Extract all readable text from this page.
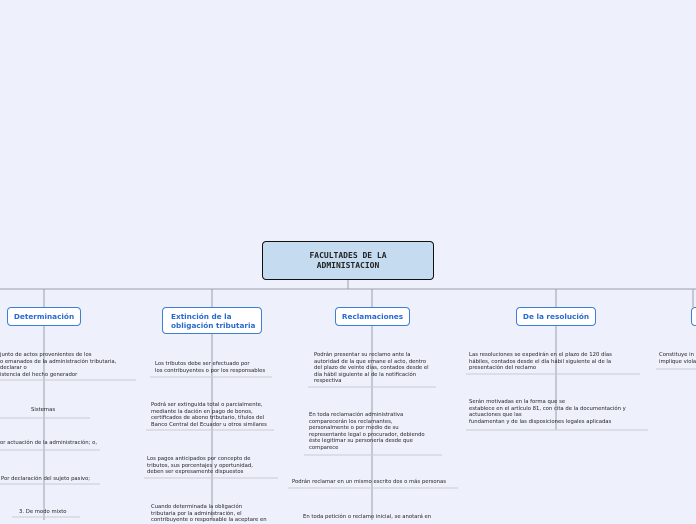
FACULTADES DE LA
ADMINISTACION
Determinación	Extinción de la
obligación tributaria
Reclamaciones	De la resolución
junto de actos provenientes de los
o emanados de la administración tributaria,
declarar o
istencia del hecho generador
Sistemas
or actuación de la administración; o,
Por declaración del sujeto pasivo;
3. De modo mixto
Los tributos debe ser efectuado por
los contribuyentes o por los responsables
Podrá ser extinguida total o parcialmente,
mediante la dación en pago de bonos,
certificados de abono tributario, títulos del
Banco Central del Ecuador u otros similares
Los pagos anticipados por concepto de
tributos, sus porcentajes y oportunidad,
deben ser expresamente dispuestos
Cuando determinada la obligación
tributaria por la administración, el
contribuyente o responsable la aceptare en
Podrán presentar su reclamo ante la
autoridad de la que emane el acto, dentro
del plazo de veinte días, contados desde el
día hábil siguiente al de la notificación
respectiva
En toda reclamación administrativa
comparecerán los reclamantes,
personalmente o por medio de su
representante legal o procurador, debiendo
éste legitimar su personería desde que
comparece
Podrán reclamar en un mismo escrito dos o más personas
En toda petición o reclamo inicial, se anotará en
Las resoluciones se expedirán en el plazo de 120 días
hábiles, contados desde el día hábil siguiente al de la
presentación del reclamo
Serán motivadas en la forma que se
establece en el artículo 81, con cita de la documentación y
actuaciones que las
fundamentan y de las disposiciones legales aplicadas
Constituye in
implique viola
